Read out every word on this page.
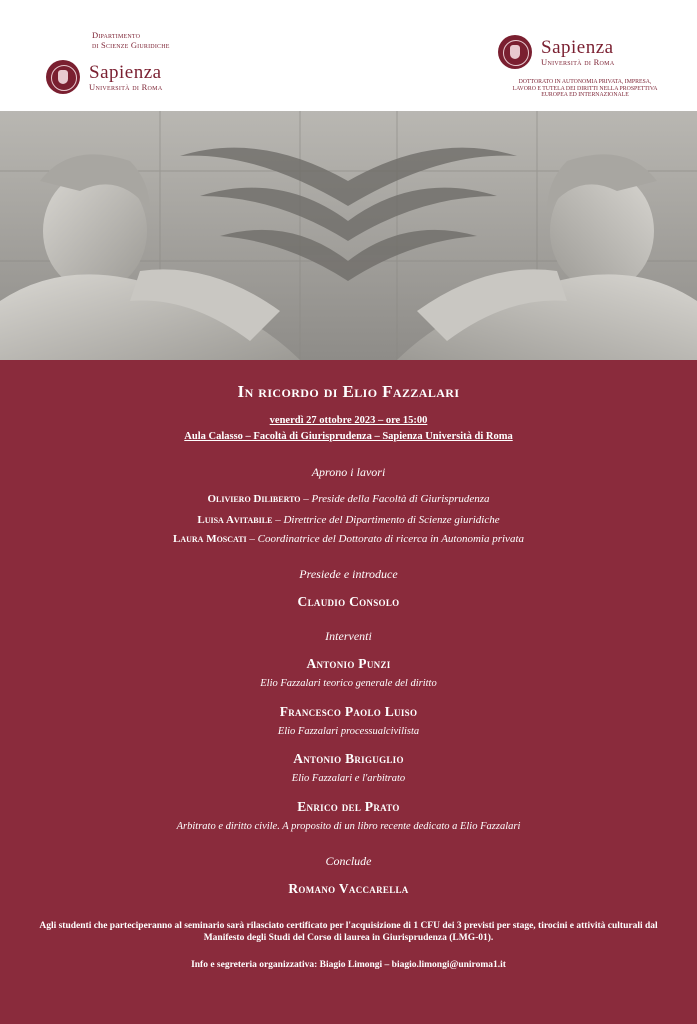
Dipartimento
di Scienze Giuridiche
Sapienza
Università di Roma
Sapienza
Università di Roma
DOTTORATO IN AUTONOMIA PRIVATA, IMPRESA, LAVORO E TUTELA DEI DIRITTI NELLA PROSPETTIVA EUROPEA ED INTERNAZIONALE
In ricordo di Elio Fazzalari
venerdì 27 ottobre 2023 – ore 15:00
Aula Calasso – Facoltà di Giurisprudenza – Sapienza Università di Roma
Aprono i lavori
Oliviero Diliberto – Preside della Facoltà di Giurisprudenza
Luisa Avitabile – Direttrice del Dipartimento di Scienze giuridiche
Laura Moscati – Coordinatrice del Dottorato di ricerca in Autonomia privata
Presiede e introduce
Claudio Consolo
Interventi
Antonio Punzi
Elio Fazzalari teorico generale del diritto
Francesco Paolo Luiso
Elio Fazzalari processualcivilista
Antonio Briguglio
Elio Fazzalari e l'arbitrato
Enrico del Prato
Arbitrato e diritto civile. A proposito di un libro recente dedicato a Elio Fazzalari
Conclude
Romano Vaccarella
Agli studenti che parteciperanno al seminario sarà rilasciato certificato per l'acquisizione di 1 CFU dei 3 previsti per stage, tirocini e attività culturali dal Manifesto degli Studi del Corso di laurea in Giurisprudenza (LMG-01).
Info e segreteria organizzativa: Biagio Limongi – biagio.limongi@uniroma1.it
